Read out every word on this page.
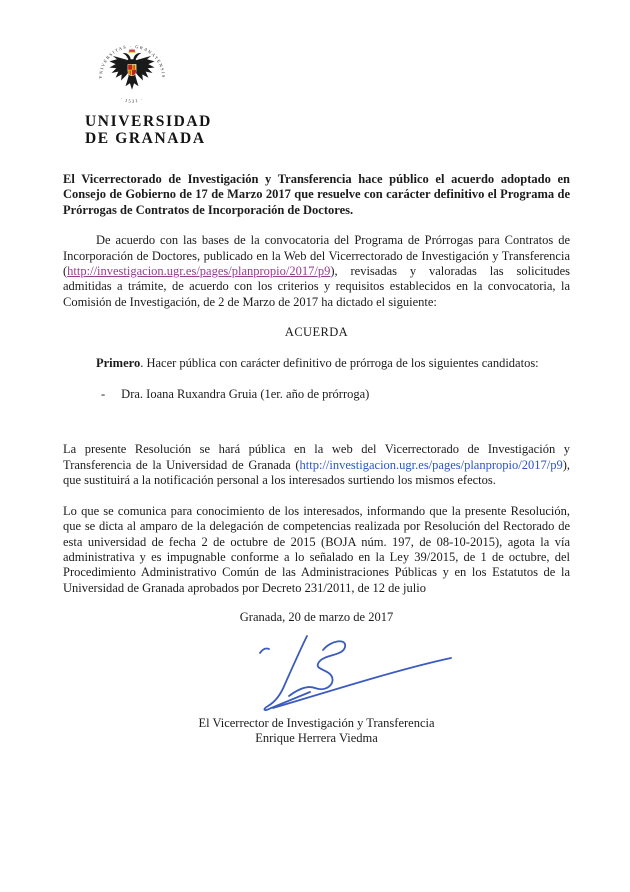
VNIVERSITAS · GRANATENSIS
· 1531 ·
UNIVERSIDAD
DE GRANADA

El Vicerrectorado de Investigación y Transferencia hace público el acuerdo adoptado en Consejo de Gobierno de 17 de Marzo 2017 que resuelve con carácter definitivo el Programa de Prórrogas de Contratos de Incorporación de Doctores.

De acuerdo con las bases de la convocatoria del Programa de Prórrogas para Contratos de Incorporación de Doctores, publicado en la Web del Vicerrectorado de Investigación y Transferencia (http://investigacion.ugr.es/pages/planpropio/2017/p9), revisadas y valoradas las solicitudes admitidas a trámite, de acuerdo con los criterios y requisitos establecidos en la convocatoria, la Comisión de Investigación, de 2 de Marzo de 2017 ha dictado el siguiente:

ACUERDA

Primero. Hacer pública con carácter definitivo de prórroga de los siguientes candidatos:

- Dra. Ioana Ruxandra Gruia (1er. año de prórroga)

La presente Resolución se hará pública en la web del Vicerrectorado de Investigación y Transferencia de la Universidad de Granada (http://investigacion.ugr.es/pages/planpropio/2017/p9), que sustituirá a la notificación personal a los interesados surtiendo los mismos efectos.

Lo que se comunica para conocimiento de los interesados, informando que la presente Resolución, que se dicta al amparo de la delegación de competencias realizada por Resolución del Rectorado de esta universidad de fecha 2 de octubre de 2015 (BOJA núm. 197, de 08-10-2015), agota la vía administrativa y es impugnable conforme a lo señalado en la Ley 39/2015, de 1 de octubre, del Procedimiento Administrativo Común de las Administraciones Públicas y en los Estatutos de la Universidad de Granada aprobados por Decreto 231/2011, de 12 de julio

Granada, 20 de marzo de 2017

El Vicerrector de Investigación y Transferencia

Enrique Herrera Viedma
